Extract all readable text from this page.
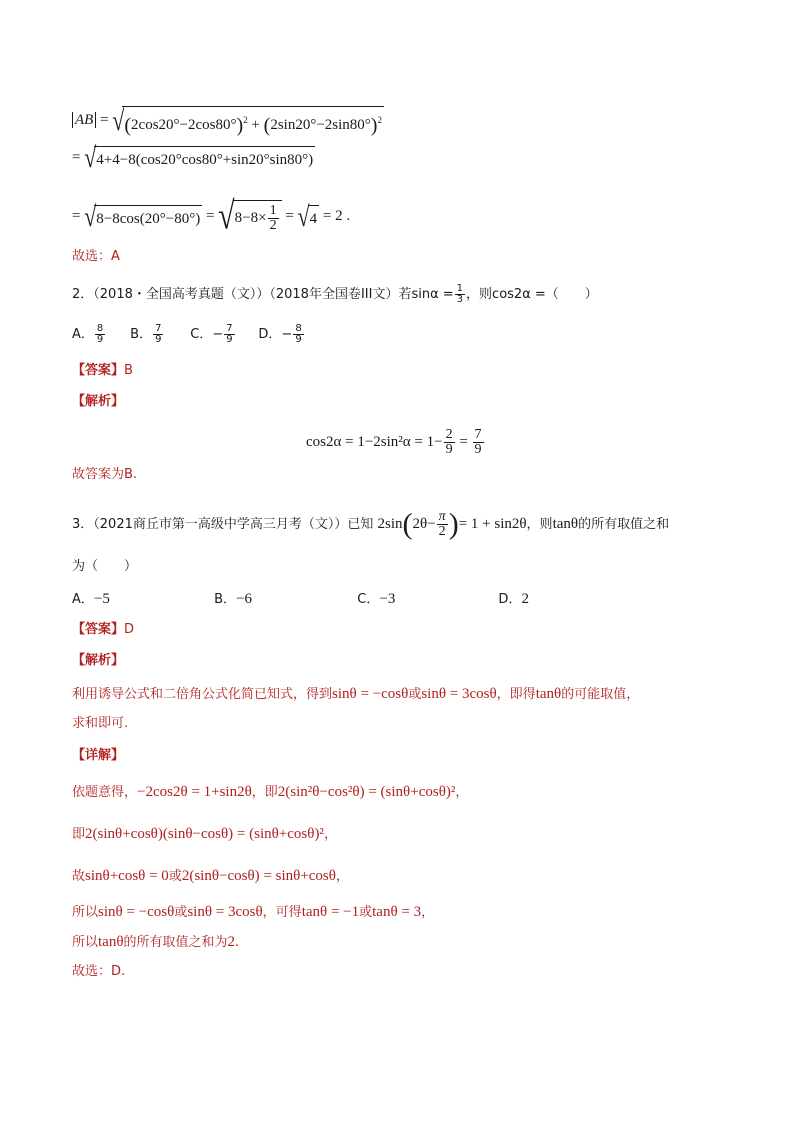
AB = $√(2\cos 20^\circ-2\cos 80^\circ)^2 + (2\sin 20^\circ-2\sin 80^\circ)^2$
= √4+4−8(cos20°cos80°+sin20°sin80°)
= $√8-8\cos(20^\circ-80^\circ) = √8-8\times \frac{1}{2} = √4 = 2$ .
故选：A
2．（2018・全国高考真题（文））（2018年全国卷III文）若$\sin\alpha = \frac{1}{3}$ ，则cos2α =（　　）
A． $\frac{8}{9}$ B． $\frac{7}{9}$ C．− $\frac{7}{9}$ D．− $\frac{8}{9}$
【答案】B
【解析】
$\cos 2\alpha = 1-2\sin^2\alpha = 1- \frac{2}{9} = \frac{7}{9}$
故答案为B.
3．（2021商丘市第一高级中学高三月考（文））已知 $2\sin(2\theta- \frac{\pi}{2}$ )= 1 + sin2θ，则tanθ的所有取值之和
为（　　）
A．−5	B．−6	C．−3	D．2
【答案】D
【解析】
利用诱导公式和二倍角公式化简已知式，得到sinθ = −cosθ或sinθ = 3cosθ，即得tanθ的可能取值，
求和即可.
【详解】
依题意得，−2cos2θ = 1+sin2θ，即2(sin²θ−cos²θ) = (sinθ+cosθ)²，
即2(sinθ+cosθ)(sinθ−cosθ) = (sinθ+cosθ)²，
故sinθ+cosθ = 0或2(sinθ−cosθ) = sinθ+cosθ，
所以sinθ = −cosθ或sinθ = 3cosθ，可得tanθ = −1或tanθ = 3，
所以tanθ的所有取值之和为2.
故选：D.
